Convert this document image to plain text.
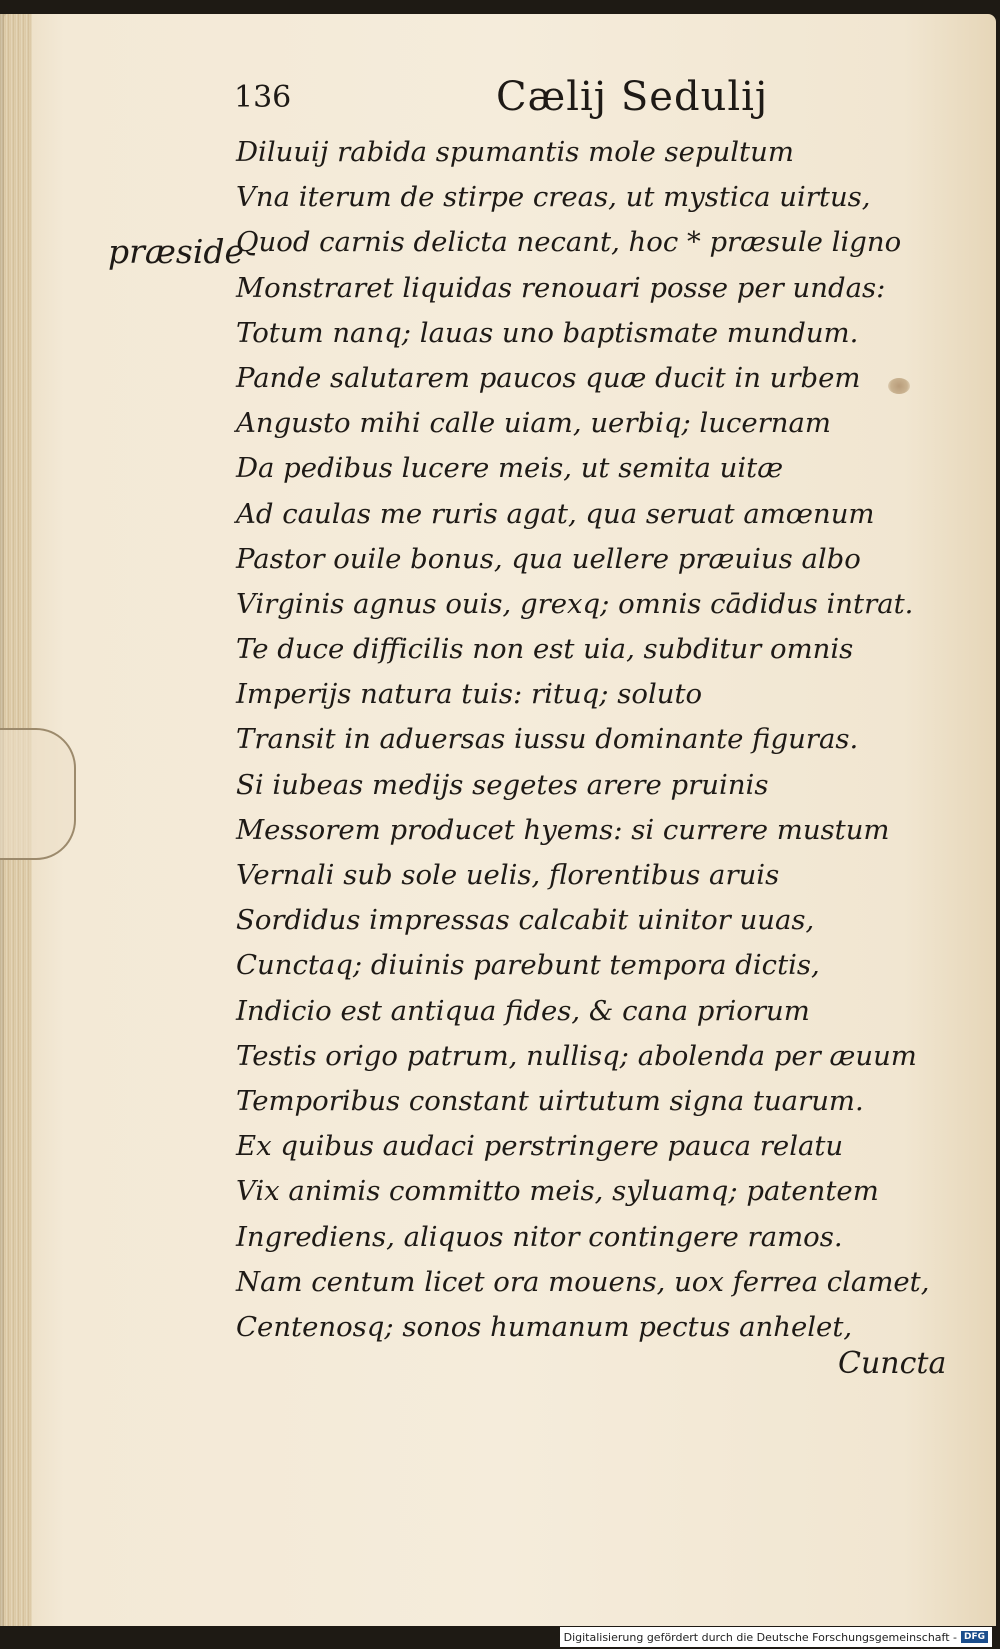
136	Cælij Sedulij
præside
Diluuij rabida spumantis mole sepultum
Vna iterum de stirpe creas, ut mystica uirtus,
Quod carnis delicta necant, hoc * præsule ligno
Monstraret liquidas renouari posse per undas:
Totum nanq; lauas uno baptismate mundum.
Pande salutarem paucos quæ ducit in urbem
Angusto mihi calle uiam, uerbiq; lucernam
Da pedibus lucere meis, ut semita uitæ
Ad caulas me ruris agat, qua seruat amœnum
Pastor ouile bonus, qua uellere præuius albo
Virginis agnus ouis, grexq; omnis cādidus intrat.
Te duce difficilis non est uia, subditur omnis
Imperijs natura tuis: rituq; soluto
Transit in aduersas iussu dominante figuras.
Si iubeas medijs segetes arere pruinis
Messorem producet hyems: si currere mustum
Vernali sub sole uelis, florentibus aruis
Sordidus impressas calcabit uinitor uuas,
Cunctaq; diuinis parebunt tempora dictis,
Indicio est antiqua fides, & cana priorum
Testis origo patrum, nullisq; abolenda per æuum
Temporibus constant uirtutum signa tuarum.
Ex quibus audaci perstringere pauca relatu
Vix animis committo meis, syluamq; patentem
Ingrediens, aliquos nitor contingere ramos.
Nam centum licet ora mouens, uox ferrea clamet,
Centenosq; sonos humanum pectus anhelet,
Cuncta
Digitalisierung gefördert durch die Deutsche Forschungsgemeinschaft - DFG
